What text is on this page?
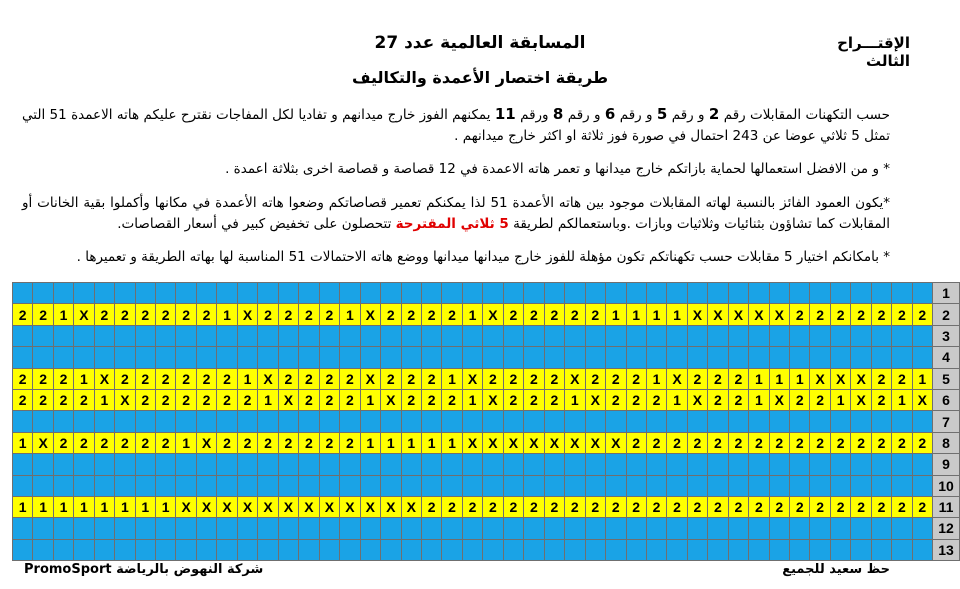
الإقتـــراح الثالث
المسابقة العالمية عدد 27
طريقة اختصار الأعمدة والتكاليف
حسب التكهنات المقابلات رقم 2 و رقم 5 و رقم 6 و رقم 8 ورقم 11 يمكنهم الفوز خارج ميدانهم و تفاديا لكل المفاجات نقترح عليكم هاته الاعمدة 51 التي تمثل 5 ثلاثي عوضا عن 243 احتمال في صورة فوز ثلاثة او اكثر خارج ميدانهم .
* و من الافضل استعمالها لحماية بازاتكم خارج ميدانها و تعمر هاته الاعمدة في 12 قصاصة و قصاصة اخرى بثلاثة اعمدة .
*يكون العمود الفائز بالنسبة لهاته المقابلات موجود بين هاته الأعمدة 51 لذا يمكنكم تعمير قصاصاتكم وضعوا هاته الأعمدة في مكانها وأكملوا بقية الخانات أو المقابلات كما تشاؤون بثنائيات وثلاثيات وبازات .وباستعمالكم لطريقة 5 ثلاثي المقترحة تتحصلون على تخفيض كبير في أسعار القصاصات.
* بامكانكم اختيار 5 مقابلات حسب تكهناتكم تكون مؤهلة للفوز خارج ميدانها ميدانها ووضع هاته الاحتمالات 51 المناسبة لها بهاته الطريقة و تعميرها .
																																													1
2	2	1	X	2	2	2	2	2	2	1	X	2	2	2	2	1	X	2	2	2	2	1	X	2	2	2	2	2	1	1	1	1	X	X	X	X	X	2	2	2	2	2	2	2	2
																																													3
																																													4
2	2	2	1	X	2	2	2	2	2	2	1	X	2	2	2	2	X	2	2	2	1	X	2	2	2	2	X	2	2	2	1	X	2	2	2	1	1	1	X	X	X	2	2	1	5
2	2	2	2	1	X	2	2	2	2	2	2	1	X	2	2	2	1	X	2	2	2	1	X	2	2	2	1	X	2	2	2	1	X	2	2	1	X	2	2	1	X	2	1	X	6
																																													7
1	X	2	2	2	2	2	2	1	X	2	2	2	2	2	2	2	1	1	1	1	1	X	X	X	X	X	X	X	X	2	2	2	2	2	2	2	2	2	2	2	2	2	2	2	8
																																													9
																																													10
1	1	1	1	1	1	1	1	X	X	X	X	X	X	X	X	X	X	X	X	2	2	2	2	2	2	2	2	2	2	2	2	2	2	2	2	2	2	2	2	2	2	2	2	2	11
																																													12
																																													13
PromoSport شركة النهوض بالرياضة	حظ سعيد للجميع
